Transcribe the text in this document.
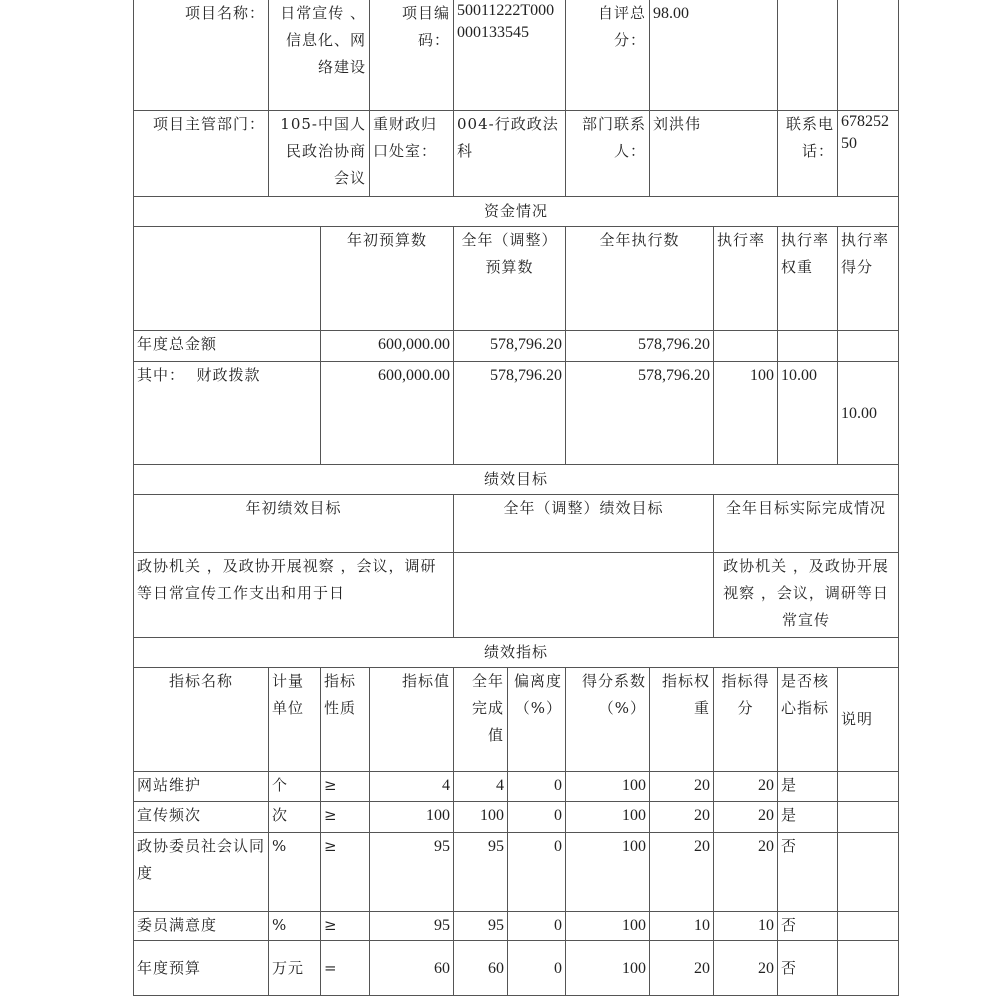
项目名称：	日常宣传 、信息化、网络建设		项目编码：	50011222T000000133545		自评总分：	98.00			
项目主管部门：	105-中国人民政治协商会议		重财政归口处室：	004-行政政法科		部门联系人：	刘洪伟		联系电话：	67825250
资金情况										
		年初预算数		全年（调整）预算数		全年执行数		执行率	执行率权重	执行率得分
年度总金额		600,000.00		578,796.20		578,796.20				
其中：  财政拨款		600,000.00		578,796.20		578,796.20		100	10.00	10.00
绩效目标										
年初绩效目标				全年（调整）绩效目标				全年目标实际完成情况		
政协机关 ，及政协开展视察 ，会议，调研等日常宣传工作支出和用于日								政协机关 ，及政协开展视察 ，会议，调研等日常宣传		
绩效指标										
指标名称	计量单位	指标性质	指标值	全年完成值	偏离度（%）	得分系数（%）	指标权重	指标得分	是否核心指标	说明
网站维护	个	≥	4	4	0	100	20	20	是	
宣传频次	次	≥	100	100	0	100	20	20	是	
政协委员社会认同度	%	≥	95	95	0	100	20	20	否	
委员满意度	%	≥	95	95	0	100	10	10	否	
年度预算	万元	=	60	60	0	100	20	20	否	
